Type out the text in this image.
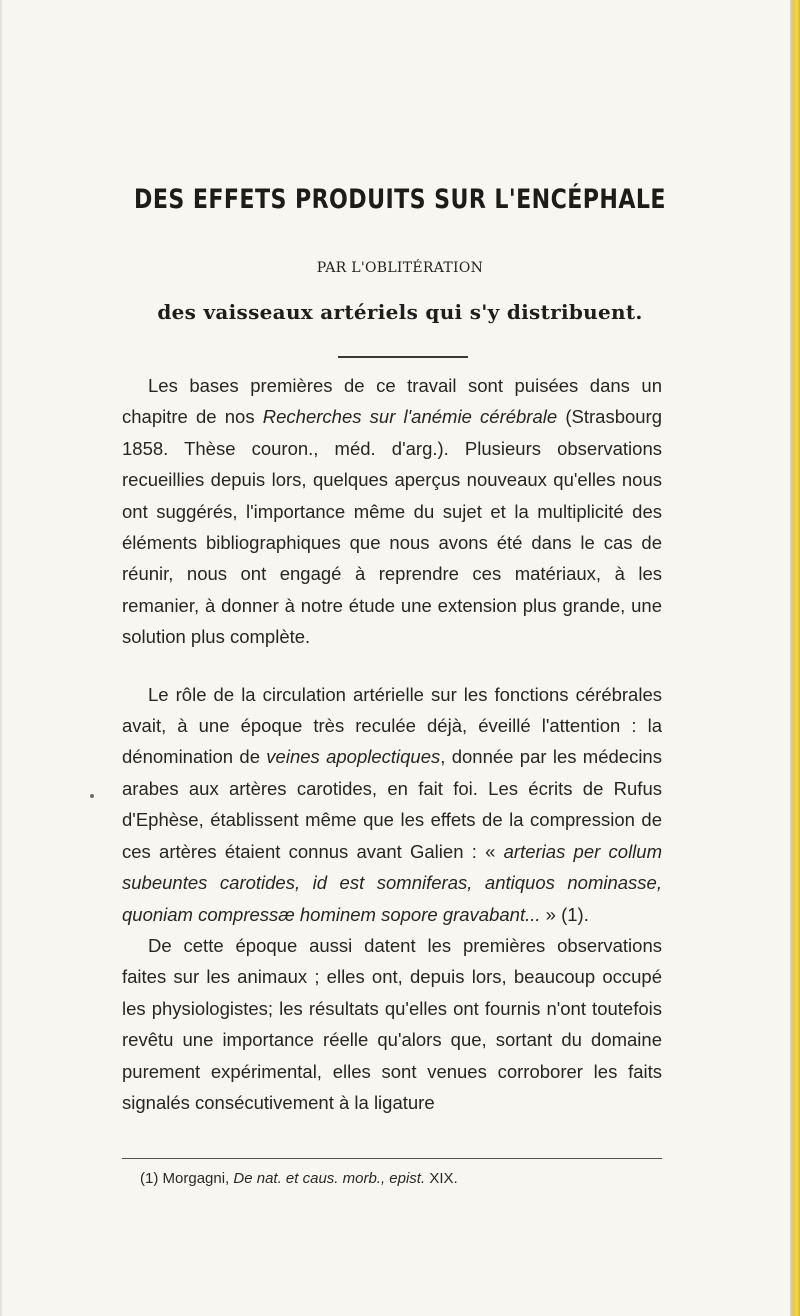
DES EFFETS PRODUITS SUR L'ENCÉPHALE
PAR L'OBLITÉRATION
des vaisseaux artériels qui s'y distribuent.

Les bases premières de ce travail sont puisées dans un chapitre de nos Recherches sur l'anémie cérébrale (Strasbourg 1858. Thèse couron., méd. d'arg.). Plusieurs observations recueillies depuis lors, quelques aperçus nouveaux qu'elles nous ont suggérés, l'importance même du sujet et la multiplicité des éléments bibliographiques que nous avons été dans le cas de réunir, nous ont engagé à reprendre ces matériaux, à les remanier, à donner à notre étude une extension plus grande, une solution plus complète.

Le rôle de la circulation artérielle sur les fonctions cérébrales avait, à une époque très reculée déjà, éveillé l'attention : la dénomination de veines apoplectiques, donnée par les médecins arabes aux artères carotides, en fait foi. Les écrits de Rufus d'Ephèse, établissent même que les effets de la compression de ces artères étaient connus avant Galien : « arterias per collum subeuntes carotides, id est somniferas, antiquos nominasse, quoniam compressæ hominem sopore gravabant... » (1).

De cette époque aussi datent les premières observations faites sur les animaux ; elles ont, depuis lors, beaucoup occupé les physiologistes; les résultats qu'elles ont fournis n'ont toutefois revêtu une importance réelle qu'alors que, sortant du domaine purement expérimental, elles sont venues corroborer les faits signalés consécutivement à la ligature

(1) Morgagni, De nat. et caus. morb., epist. XIX.
